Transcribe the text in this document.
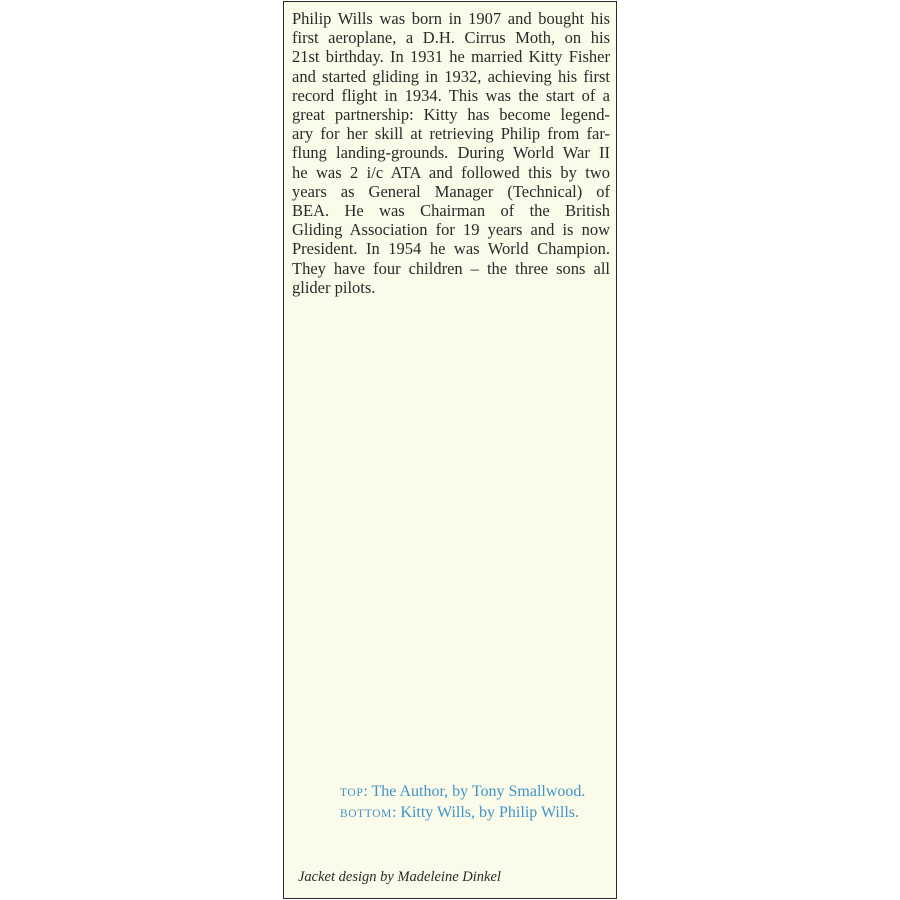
Philip Wills was born in 1907 and bought his
first aeroplane, a D.H. Cirrus Moth, on his
21st birthday. In 1931 he married Kitty Fisher
and started gliding in 1932, achieving his first
record flight in 1934. This was the start of a
great partnership: Kitty has become legend-
ary for her skill at retrieving Philip from far-
flung landing-grounds. During World War II
he was 2 i/c ATA and followed this by two
years as General Manager (Technical) of
BEA. He was Chairman of the British
Gliding Association for 19 years and is now
President. In 1954 he was World Champion.
They have four children – the three sons all
glider pilots.
TOP: The Author, by Tony Smallwood.
BOTTOM: Kitty Wills, by Philip Wills.
Jacket design by Madeleine Dinkel
